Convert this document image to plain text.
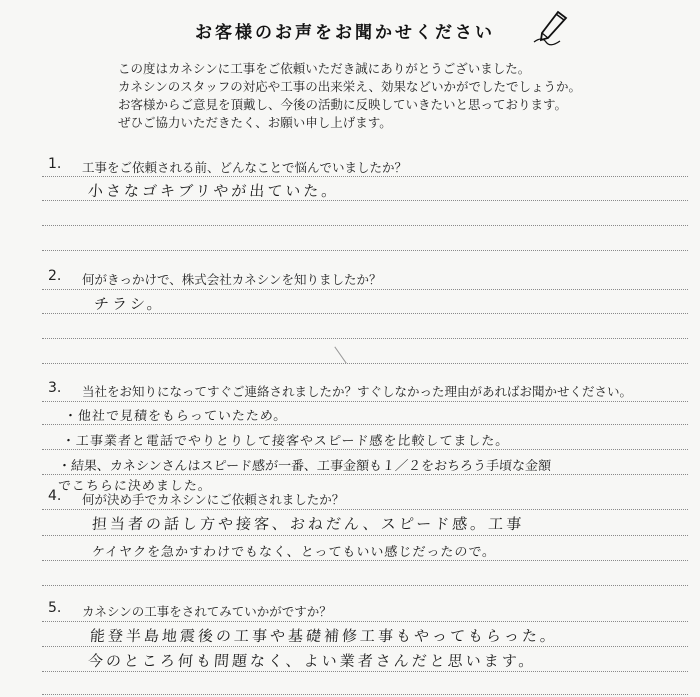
お客様のお声をお聞かせください
この度はカネシンに工事をご依頼いただき誠にありがとうございました。
カネシンのスタッフの対応や工事の出来栄え、効果などいかがでしたでしょうか。
お客様からご意見を頂戴し、今後の活動に反映していきたいと思っております。
ぜひご協力いただきたく、お願い申し上げます。
1. 工事をご依頼される前、どんなことで悩んでいましたか？
小さなゴキブリやが出ていた。
2. 何がきっかけで、株式会社カネシンを知りましたか？
チラシ。
3. 当社をお知りになってすぐご連絡されましたか？すぐしなかった理由があればお聞かせください。
・他社で見積をもらっていたため。
・工事業者と電話でやりとりして接客やスピード感を比較してました。
・結果、カネシンさんはスピード感が一番、工事金額も１／２をおちろう手頃な金額
でこちらに決めました。
4. 何が決め手でカネシンにご依頼されましたか？
担当者の話し方や接客、おねだん、スピード感。工事
ケイヤクを急かすわけでもなく、とってもいい感じだったので。
5. カネシンの工事をされてみていかがですか？
能登半島地震後の工事や基礎補修工事もやってもらった。
今のところ何も問題なく、よい業者さんだと思います。
